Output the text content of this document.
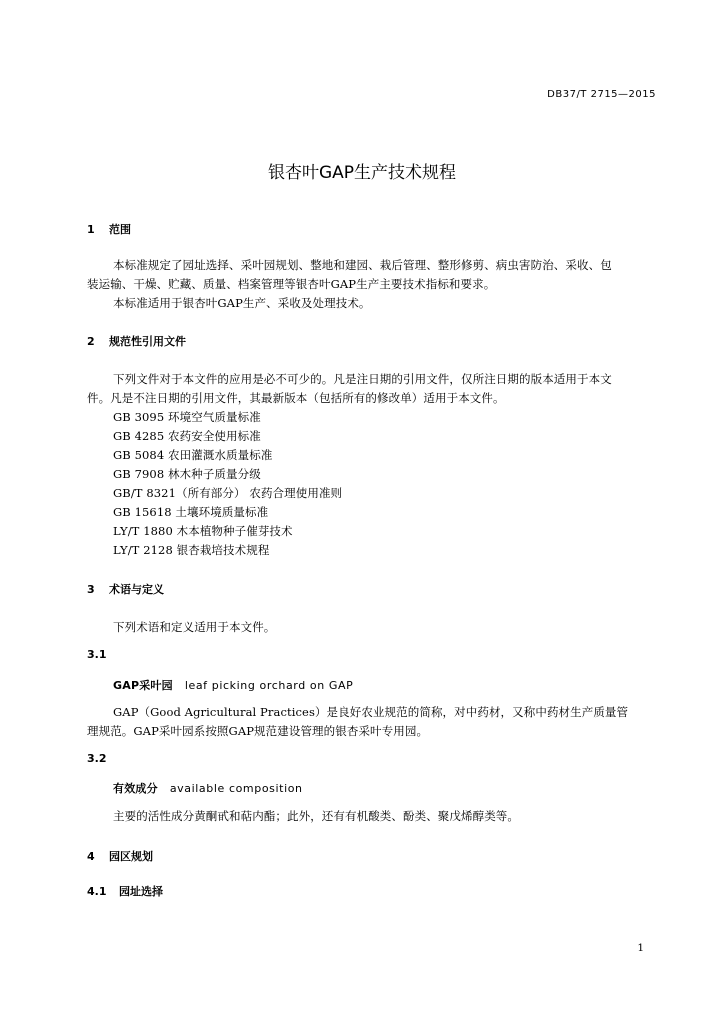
DB37/T 2715—2015
银杏叶GAP生产技术规程
1 范围
本标准规定了园址选择、采叶园规划、整地和建园、栽后管理、整形修剪、病虫害防治、采收、包
装运输、干燥、贮藏、质量、档案管理等银杏叶GAP生产主要技术指标和要求。
本标准适用于银杏叶GAP生产、采收及处理技术。
2 规范性引用文件
下列文件对于本文件的应用是必不可少的。凡是注日期的引用文件，仅所注日期的版本适用于本文
件。凡是不注日期的引用文件，其最新版本（包括所有的修改单）适用于本文件。
GB 3095 环境空气质量标准
GB 4285 农药安全使用标准
GB 5084 农田灌溉水质量标准
GB 7908 林木种子质量分级
GB/T 8321（所有部分） 农药合理使用准则
GB 15618 土壤环境质量标准
LY/T 1880 木本植物种子催芽技术
LY/T 2128 银杏栽培技术规程
3 术语与定义
下列术语和定义适用于本文件。
3.1
GAP采叶园 leaf picking orchard on GAP
GAP（Good Agricultural Practices）是良好农业规范的简称，对中药材，又称中药材生产质量管
理规范。GAP采叶园系按照GAP规范建设管理的银杏采叶专用园。
3.2
有效成分 available composition
主要的活性成分黄酮甙和萜内酯；此外，还有有机酸类、酚类、聚戊烯醇类等。
4 园区规划
4.1 园址选择
1
